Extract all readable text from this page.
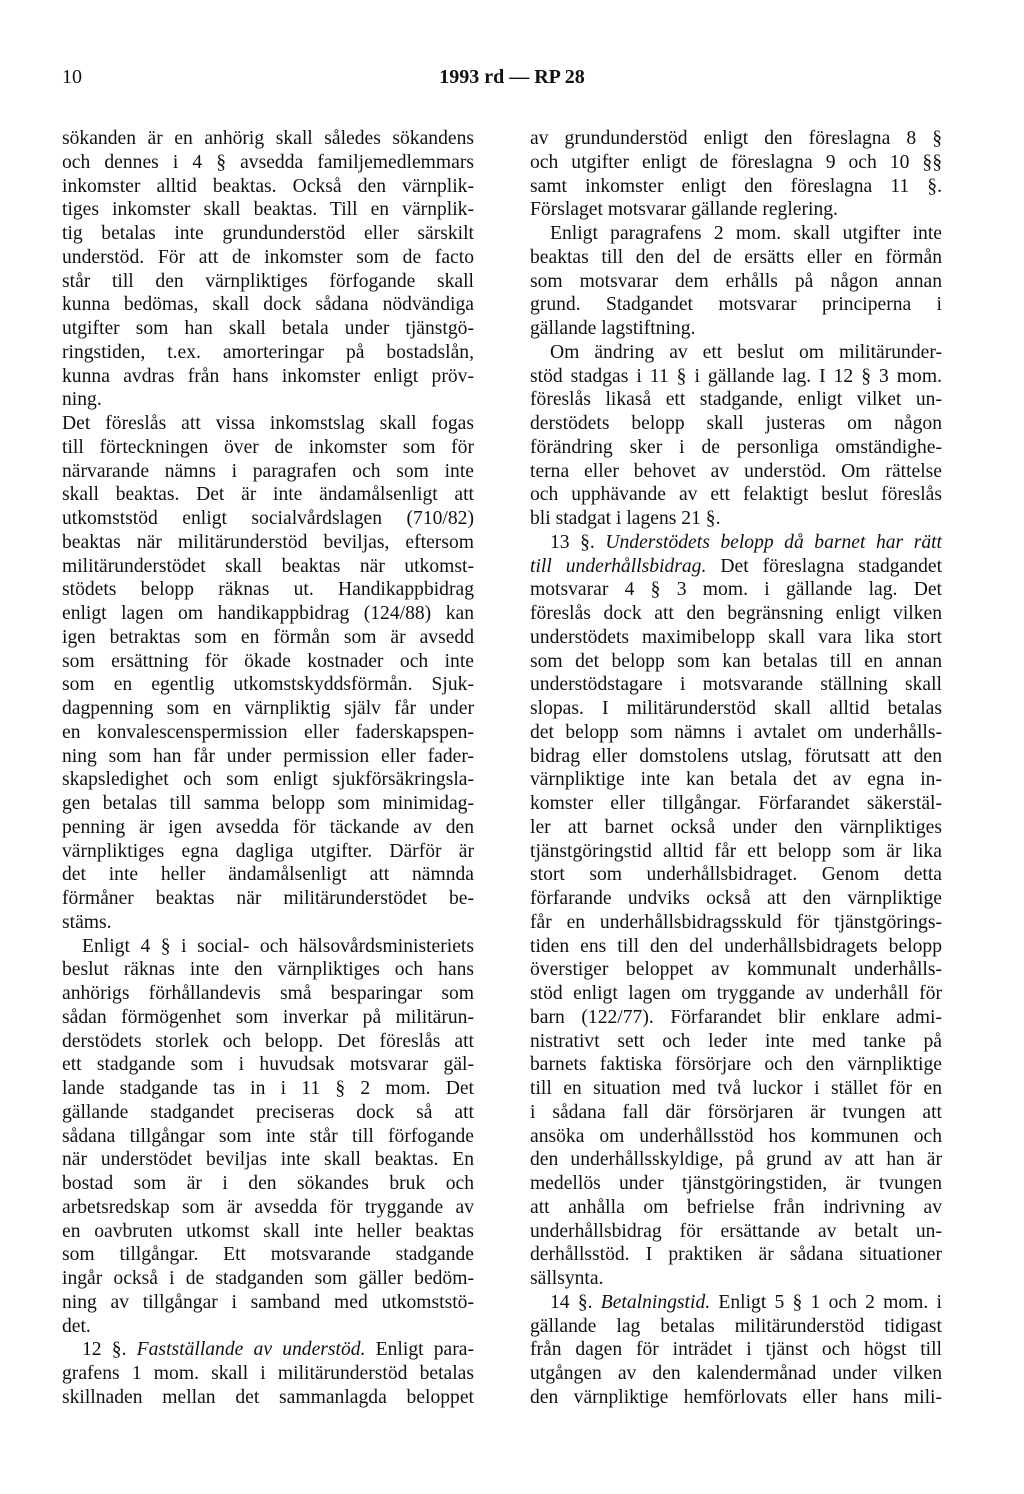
10	1993 rd — RP 28
sökanden är en anhörig skall således sökandens
och dennes i 4 § avsedda familjemedlemmars
inkomster alltid beaktas. Också den värnplik-
tiges inkomster skall beaktas. Till en värnplik-
tig betalas inte grundunderstöd eller särskilt
understöd. För att de inkomster som de facto
står till den värnpliktiges förfogande skall
kunna bedömas, skall dock sådana nödvändiga
utgifter som han skall betala under tjänstgö-
ringstiden, t.ex. amorteringar på bostadslån,
kunna avdras från hans inkomster enligt pröv-
ning.
Det föreslås att vissa inkomstslag skall fogas
till förteckningen över de inkomster som för
närvarande nämns i paragrafen och som inte
skall beaktas. Det är inte ändamålsenligt att
utkomststöd enligt socialvårdslagen (710/82)
beaktas när militärunderstöd beviljas, eftersom
militärunderstödet skall beaktas när utkomst-
stödets belopp räknas ut. Handikappbidrag
enligt lagen om handikappbidrag (124/88) kan
igen betraktas som en förmån som är avsedd
som ersättning för ökade kostnader och inte
som en egentlig utkomstskyddsförmån. Sjuk-
dagpenning som en värnpliktig själv får under
en konvalescenspermission eller faderskapspen-
ning som han får under permission eller fader-
skapsledighet och som enligt sjukförsäkringsla-
gen betalas till samma belopp som minimidag-
penning är igen avsedda för täckande av den
värnpliktiges egna dagliga utgifter. Därför är
det inte heller ändamålsenligt att nämnda
förmåner beaktas när militärunderstödet be-
stäms.
Enligt 4 § i social- och hälsovårdsministeriets
beslut räknas inte den värnpliktiges och hans
anhörigs förhållandevis små besparingar som
sådan förmögenhet som inverkar på militärun-
derstödets storlek och belopp. Det föreslås att
ett stadgande som i huvudsak motsvarar gäl-
lande stadgande tas in i 11 § 2 mom. Det
gällande stadgandet preciseras dock så att
sådana tillgångar som inte står till förfogande
när understödet beviljas inte skall beaktas. En
bostad som är i den sökandes bruk och
arbetsredskap som är avsedda för tryggande av
en oavbruten utkomst skall inte heller beaktas
som tillgångar. Ett motsvarande stadgande
ingår också i de stadganden som gäller bedöm-
ning av tillgångar i samband med utkomststö-
det.
12 §. Fastställande av understöd. Enligt para-
grafens 1 mom. skall i militärunderstöd betalas
skillnaden mellan det sammanlagda beloppet
av grundunderstöd enligt den föreslagna 8 §
och utgifter enligt de föreslagna 9 och 10 §§
samt inkomster enligt den föreslagna 11 §.
Förslaget motsvarar gällande reglering.
Enligt paragrafens 2 mom. skall utgifter inte
beaktas till den del de ersätts eller en förmån
som motsvarar dem erhålls på någon annan
grund. Stadgandet motsvarar principerna i
gällande lagstiftning.
Om ändring av ett beslut om militärunder-
stöd stadgas i 11 § i gällande lag. I 12 § 3 mom.
föreslås likaså ett stadgande, enligt vilket un-
derstödets belopp skall justeras om någon
förändring sker i de personliga omständighe-
terna eller behovet av understöd. Om rättelse
och upphävande av ett felaktigt beslut föreslås
bli stadgat i lagens 21 §.
13 §. Understödets belopp då barnet har rätt
till underhållsbidrag. Det föreslagna stadgandet
motsvarar 4 § 3 mom. i gällande lag. Det
föreslås dock att den begränsning enligt vilken
understödets maximibelopp skall vara lika stort
som det belopp som kan betalas till en annan
understödstagare i motsvarande ställning skall
slopas. I militärunderstöd skall alltid betalas
det belopp som nämns i avtalet om underhålls-
bidrag eller domstolens utslag, förutsatt att den
värnpliktige inte kan betala det av egna in-
komster eller tillgångar. Förfarandet säkerstäl-
ler att barnet också under den värnpliktiges
tjänstgöringstid alltid får ett belopp som är lika
stort som underhållsbidraget. Genom detta
förfarande undviks också att den värnpliktige
får en underhållsbidragsskuld för tjänstgörings-
tiden ens till den del underhållsbidragets belopp
överstiger beloppet av kommunalt underhålls-
stöd enligt lagen om tryggande av underhåll för
barn (122/77). Förfarandet blir enklare admi-
nistrativt sett och leder inte med tanke på
barnets faktiska försörjare och den värnpliktige
till en situation med två luckor i stället för en
i sådana fall där försörjaren är tvungen att
ansöka om underhållsstöd hos kommunen och
den underhållsskyldige, på grund av att han är
medellös under tjänstgöringstiden, är tvungen
att anhålla om befrielse från indrivning av
underhållsbidrag för ersättande av betalt un-
derhållsstöd. I praktiken är sådana situationer
sällsynta.
14 §. Betalningstid. Enligt 5 § 1 och 2 mom. i
gällande lag betalas militärunderstöd tidigast
från dagen för inträdet i tjänst och högst till
utgången av den kalendermånad under vilken
den värnpliktige hemförlovats eller hans mili-
